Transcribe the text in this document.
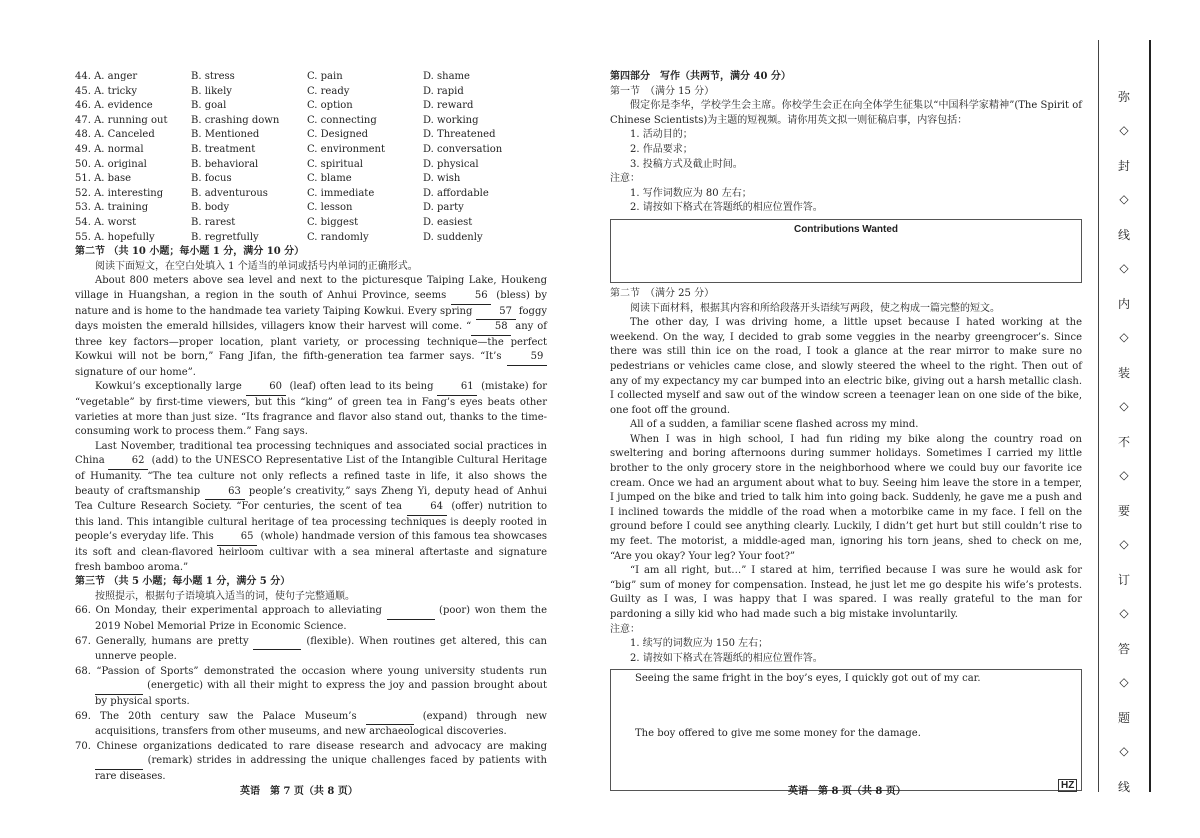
44. A. anger	B. stress	C. pain	D. shame
45. A. tricky	B. likely	C. ready	D. rapid
46. A. evidence	B. goal	C. option	D. reward
47. A. running out	B. crashing down	C. connecting	D. working
48. A. Canceled	B. Mentioned	C. Designed	D. Threatened
49. A. normal	B. treatment	C. environment	D. conversation
50. A. original	B. behavioral	C. spiritual	D. physical
51. A. base	B. focus	C. blame	D. wish
52. A. interesting	B. adventurous	C. immediate	D. affordable
53. A. training	B. body	C. lesson	D. party
54. A. worst	B. rarest	C. biggest	D. easiest
55. A. hopefully	B. regretfully	C. randomly	D. suddenly

第二节 （共 10 小题；每小题 1 分，满分 10 分）

阅读下面短文，在空白处填入 1 个适当的单词或括号内单词的正确形式。

About 800 meters above sea level and next to the picturesque Taiping Lake, Houkeng village in Huangshan, a region in the south of Anhui Province, seems 56 (bless) by nature and is home to the handmade tea variety Taiping Kowkui. Every spring 57 foggy days moisten the emerald hillsides, villagers know their harvest will come. “ 58 any of three key factors—proper location, plant variety, or processing technique—the perfect Kowkui will not be born,” Fang Jifan, the fifth-generation tea farmer says. “It’s 59 signature of our home”.

Kowkui’s exceptionally large 60 (leaf) often lead to its being 61 (mistake) for “vegetable” by first-time viewers, but this “king” of green tea in Fang’s eyes beats other varieties at more than just size. “Its fragrance and flavor also stand out, thanks to the time-consuming work to process them.” Fang says.

Last November, traditional tea processing techniques and associated social practices in China 62 (add) to the UNESCO Representative List of the Intangible Cultural Heritage of Humanity. “The tea culture not only reflects a refined taste in life, it also shows the beauty of craftsmanship 63 people’s creativity,” says Zheng Yi, deputy head of Anhui Tea Culture Research Society. “For centuries, the scent of tea 64 (offer) nutrition to this land. This intangible cultural heritage of tea processing techniques is deeply rooted in people’s everyday life. This 65 (whole) handmade version of this famous tea showcases its soft and clean-flavored heirloom cultivar with a sea mineral aftertaste and signature fresh bamboo aroma.”

第三节 （共 5 小题；每小题 1 分，满分 5 分）

按照提示，根据句子语境填入适当的词，使句子完整通顺。

66. On Monday, their experimental approach to alleviating	(poor) won them the 2019 Nobel Memorial Prize in Economic Science.

67. Generally, humans are pretty	(flexible). When routines get altered, this can unnerve people.

68. “Passion of Sports” demonstrated the occasion where young university students run   (energetic) with all their might to express the joy and passion brought about by physical sports.

69. The 20th century saw the Palace Museum’s	(expand) through new acquisitions, transfers from other museums, and new archaeological discoveries.

70. Chinese organizations dedicated to rare disease research and advocacy are making   (remark) strides in addressing the unique challenges faced by patients with rare diseases.

英语　第 7 页（共 8 页）

第四部分　写作（共两节，满分 40 分）

第一节　（满分 15 分）

假定你是李华，学校学生会主席。你校学生会正在向全体学生征集以“中国科学家精神”(The Spirit of Chinese Scientists)为主题的短视频。请你用英文拟一则征稿启事，内容包括：

1. 活动目的；

2. 作品要求；

3. 投稿方式及截止时间。

注意：

1. 写作词数应为 80 左右；

2. 请按如下格式在答题纸的相应位置作答。

Contributions Wanted

第二节　（满分 25 分）

阅读下面材料，根据其内容和所给段落开头语续写两段，使之构成一篇完整的短文。

The other day, I was driving home, a little upset because I hated working at the weekend. On the way, I decided to grab some veggies in the nearby greengrocer’s. Since there was still thin ice on the road, I took a glance at the rear mirror to make sure no pedestrians or vehicles came close, and slowly steered the wheel to the right. Then out of any of my expectancy my car bumped into an electric bike, giving out a harsh metallic clash. I collected myself and saw out of the window screen a teenager lean on one side of the bike, one foot off the ground.

All of a sudden, a familiar scene flashed across my mind.

When I was in high school, I had fun riding my bike along the country road on sweltering and boring afternoons during summer holidays. Sometimes I carried my little brother to the only grocery store in the neighborhood where we could buy our favorite ice cream. Once we had an argument about what to buy. Seeing him leave the store in a temper, I jumped on the bike and tried to talk him into going back. Suddenly, he gave me a push and I inclined towards the middle of the road when a motorbike came in my face. I fell on the ground before I could see anything clearly. Luckily, I didn’t get hurt but still couldn’t rise to my feet. The motorist, a middle-aged man, ignoring his torn jeans, shed to check on me, “Are you okay? Your leg? Your foot?”

“I am all right, but…” I stared at him, terrified because I was sure he would ask for “big” sum of money for compensation. Instead, he just let me go despite his wife’s protests. Guilty as I was, I was happy that I was spared. I was really grateful to the man for pardoning a silly kid who had made such a big mistake involuntarily.

注意：

1. 续写的词数应为 150 左右；

2. 请按如下格式在答题纸的相应位置作答。

Seeing the same fright in the boy’s eyes, I quickly got out of my car.

The boy offered to give me some money for the damage.

英语　第 8 页（共 8 页）
HZ
弥
◇
封
◇
线
◇
内
◇
装
◇
不
◇
要
◇
订
◇
答
◇
题
◇
线
